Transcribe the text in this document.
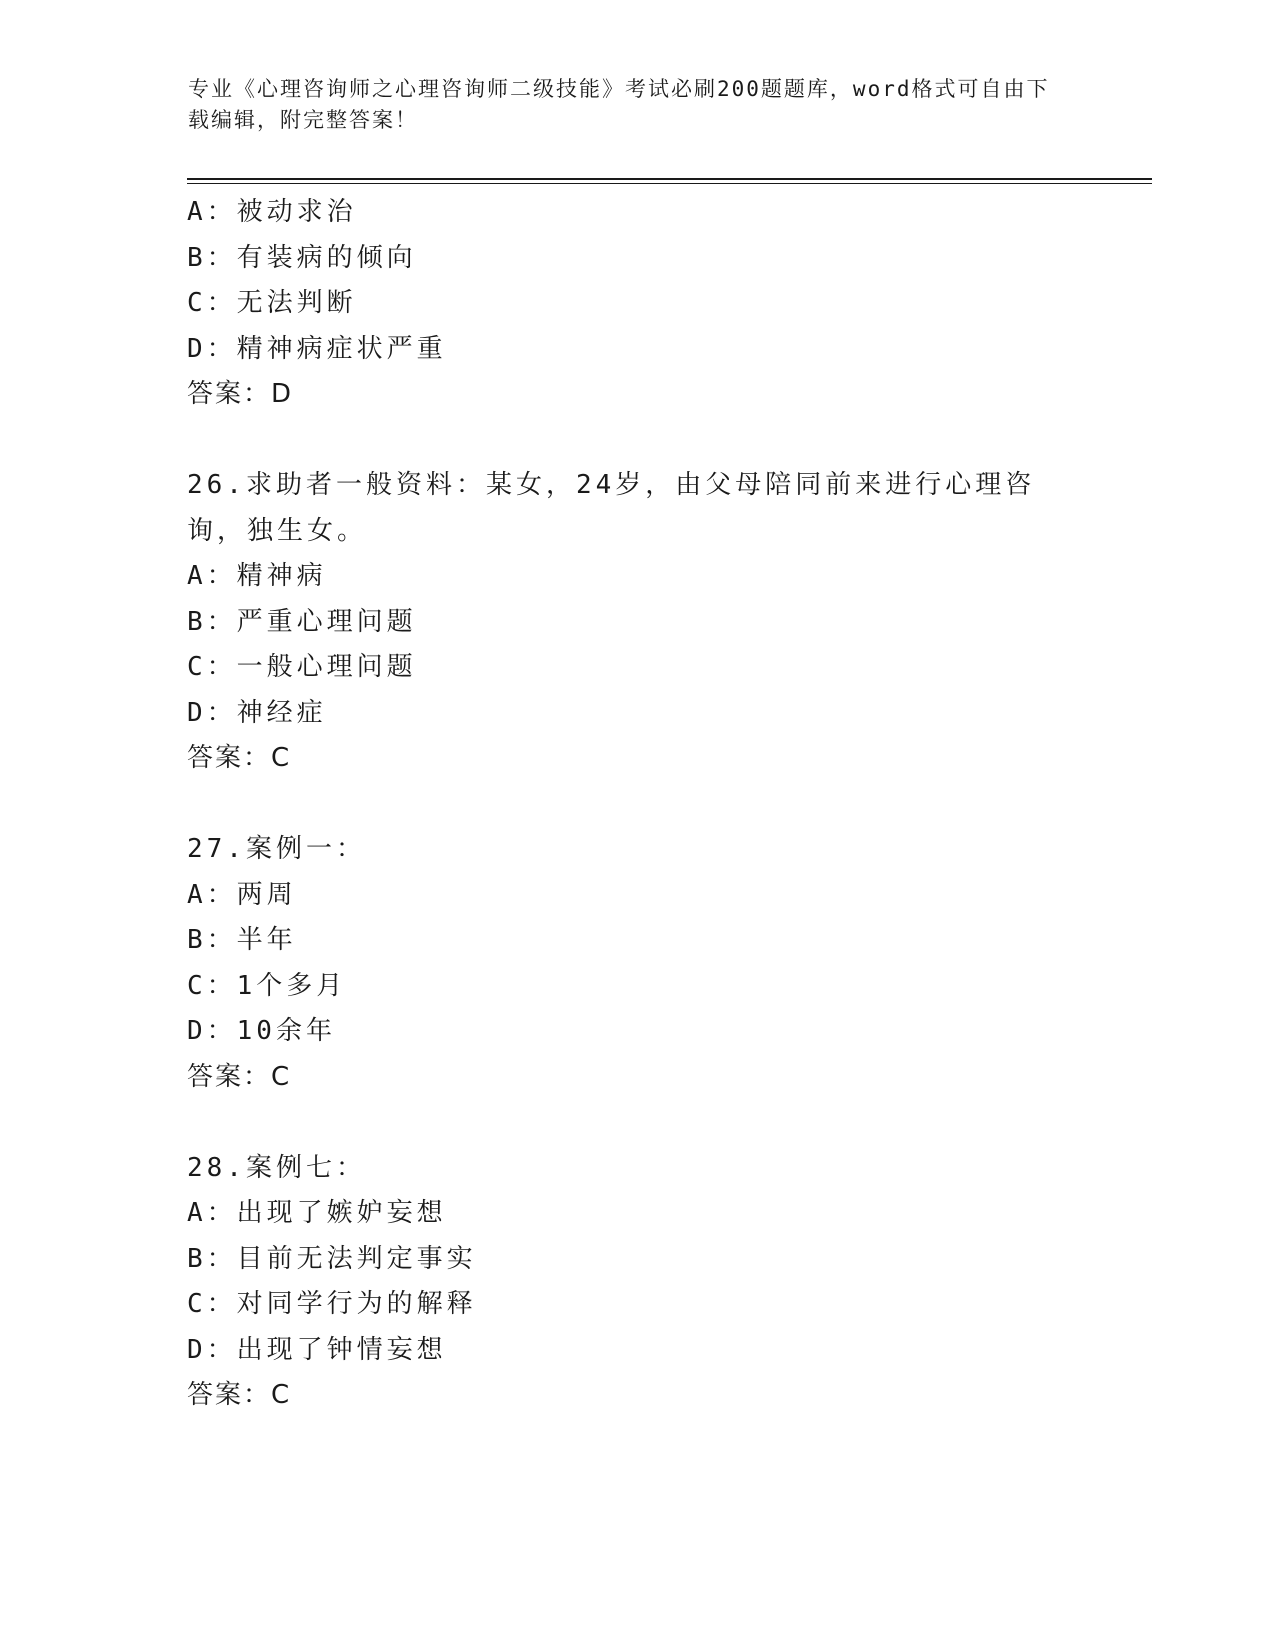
专业《心理咨询师之心理咨询师二级技能》考试必刷200题题库，word格式可自由下载编辑，附完整答案！
A：被动求治
B：有装病的倾向
C：无法判断
D：精神病症状严重
答案：D
26.求助者一般资料：某女，24岁，由父母陪同前来进行心理咨询，独生女。
A：精神病
B：严重心理问题
C：一般心理问题
D：神经症
答案：C
27.案例一：
A：两周
B：半年
C：1个多月
D：10余年
答案：C
28.案例七：
A：出现了嫉妒妄想
B：目前无法判定事实
C：对同学行为的解释
D：出现了钟情妄想
答案：C
